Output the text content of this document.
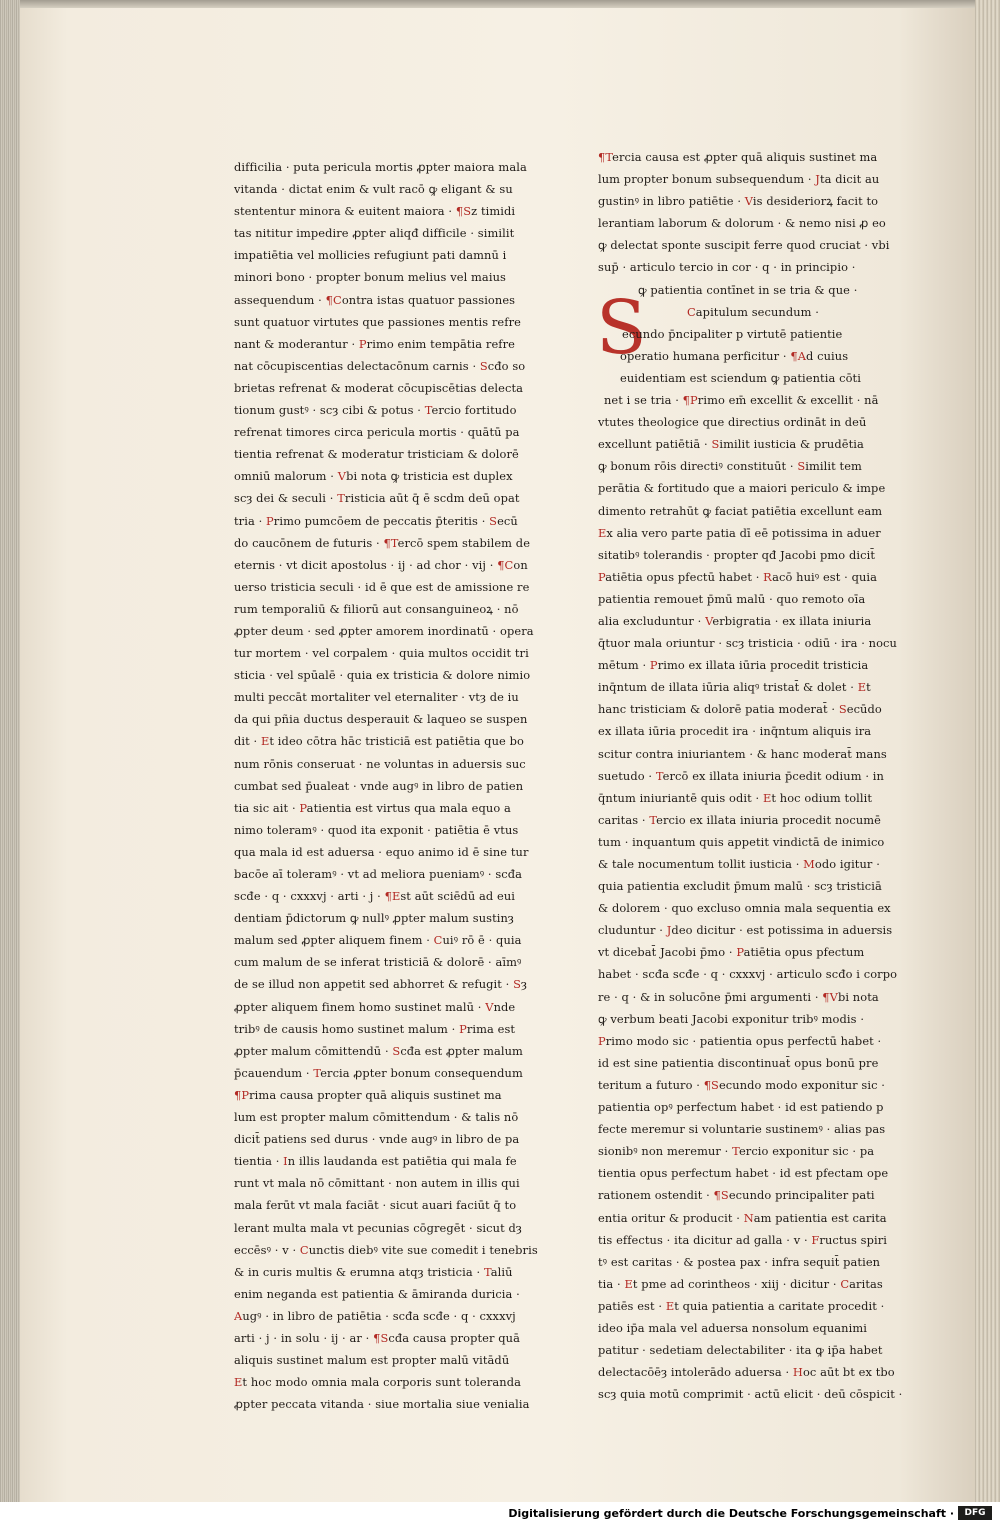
difficilia · puta pericula mortis ꝓpter maiora mala

vitanda · dictat enim & vult racō ꝙ eligant & su

stententur minora & euitent maiora · ¶Sz timidi

tas nititur impedire ꝓpter aliqđ difficile · similit

impatiētia vel mollicies refugiunt pati damnū i

minori bono · propter bonum melius vel maius

assequendum · ¶Contra istas quatuor passiones

sunt quatuor virtutes que passiones mentis refre

nant & moderantur · Primo enim tempātia refre

nat cōcupiscentias delectacōnum carnis · Scđo so

brietas refrenat & moderat cōcupiscētias delecta

tionum gustꝰ · scȝ cibi & potus · Tercio fortitudo

refrenat timores circa pericula mortis · quātū pa

tientia refrenat & moderatur tristiciam & dolorē

omniū malorum · Vbi nota ꝙ tristicia est duplex

scȝ dei & seculi · Tristicia aūt q̄ ē scdm deū opat

tria · Primo pumcōem de peccatis p̄teritis · Secū

do caucōnem de futuris · ¶Tercō spem stabilem de

eternis · vt dicit apostolus · ij · ad chor · vij · ¶Con

uerso tristicia seculi · id ē que est de amissione re

rum temporaliū & filiorū aut consanguineoꝝ · nō

ꝓpter deum · sed ꝓpter amorem inordinatū · opera

tur mortem · vel corpalem · quia multos occidit tri

sticia · vel spūalē · quia ex tristicia & dolore nimio

multi peccāt mortaliter vel eternaliter · vtȝ de iu

da qui pñia ductus desperauit & laqueo se suspen

dit · Et ideo cōtra hāc tristiciā est patiētia que bo

num rōnis conseruat · ne voluntas in aduersis suc

cumbat sed p̄ualeat · vnde augꝰ in libro de patien

tia sic ait · Patientia est virtus qua mala equo a

nimo toleramꝰ · quod ita exponit · patiētia ē vtus

qua mala id est aduersa · equo animo id ē sine tur

bacōe aī toleramꝰ · vt ad meliora pueniamꝰ · scđa

scđe · q · cxxxvj · arti · j · ¶Est aūt sciēdū ad eui

dentiam p̄dictorum ꝙ nullꝰ ꝓpter malum sustinȝ

malum sed ꝓpter aliquem finem · Cuiꝰ rō ē · quia

cum malum de se inferat tristiciā & dolorē · aīmꝰ

de se illud non appetit sed abhorret & refugit · Sȝ

ꝓpter aliquem finem homo sustinet malū · Vnde

tribꝰ de causis homo sustinet malum · Prima est

ꝓpter malum cōmittendū · Scđa est ꝓpter malum

p̄cauendum · Tercia ꝓpter bonum consequendum

¶Prima causa propter quā aliquis sustinet ma

lum est propter malum cōmittendum · & talis nō

dicit̄ patiens sed durus · vnde augꝰ in libro de pa

tientia · In illis laudanda est patiētia qui mala fe

runt vt mala nō cōmittant · non autem in illis qui

mala ferūt vt mala faciāt · sicut auari faciūt q̄ to

lerant multa mala vt pecunias cōgregēt · sicut dȝ

eccēsꝰ · v · Cunctis diebꝰ vite sue comedit i tenebris

& in curis multis & erumna atqȝ tristicia · Taliū

enim neganda est patientia & āmiranda duricia ·

Augꝰ · in libro de patiētia · scđa scđe · q · cxxxvj

arti · j · in solu · ij · ar · ¶Scđa causa propter quā

aliquis sustinet malum est propter malū vitādū

Et hoc modo omnia mala corporis sunt toleranda

ꝓpter peccata vitanda · siue mortalia siue venialia

S

¶Tercia causa est ꝓpter quā aliquis sustinet ma

lum propter bonum subsequendum · Jta dicit au

gustinꝰ in libro patiētie · Vis desideriorꝝ facit to

lerantiam laborum & dolorum · & nemo nisi ꝓ eo

ꝙ delectat sponte suscipit ferre quod cruciat · vbi

sup̄ · articulo tercio in cor · q · in principio ·

ꝙ patientia contīnet in se tria & que ·

Capitulum secundum ·

ecundo p̄ncipaliter p virtutē patientie

operatio humana perficitur · ¶Ad cuius

euidentiam est sciendum ꝙ patientia cōti

net i se tria · ¶Primo em̄ excellit & excellit · nā

vtutes theologice que directius ordināt in deū

excellunt patiētiā · Similit iusticia & prudētia

ꝙ bonum rōis directiꝰ constituūt · Similit tem

perātia & fortitudo que a maiori periculo & impe

dimento retrahūt ꝙ faciat patiētia excellunt eam

Ex alia vero parte patia dī eē potissima in aduer

sitatibꝰ tolerandis · propter qđ Jacobi pmo dicit̄

Patiētia opus pfectū habet · Racō huiꝰ est · quia

patientia remouet p̄mū malū · quo remoto oīa

alia excluduntur · Verbigratia · ex illata iniuria

q̄tuor mala oriuntur · scȝ tristicia · odiū · ira · nocu

mētum · Primo ex illata iūria procedit tristicia

inq̄ntum de illata iūria aliqꝰ tristat̄ & dolet · Et

hanc tristiciam & dolorē patia moderat̄ · Secūdo

ex illata iūria procedit ira · inq̄ntum aliquis ira

scitur contra iniuriantem · & hanc moderat̄ mans

suetudo · Tercō ex illata iniuria p̄cedit odium · in

q̄ntum iniuriantē quis odit · Et hoc odium tollit

caritas · Tercio ex illata iniuria procedit nocumē

tum · inquantum quis appetit vindictā de inimico

& tale nocumentum tollit iusticia · Modo igitur ·

quia patientia excludit p̄mum malū · scȝ tristiciā

& dolorem · quo excluso omnia mala sequentia ex

cluduntur · Jdeo dicitur · est potissima in aduersis

vt dicebat̄ Jacobi p̄mo · Patiētia opus pfectum

habet · scđa scđe · q · cxxxvj · articulo scđo i corpo

re · q · & in solucōne p̄mi argumenti · ¶Vbi nota

ꝙ verbum beati Jacobi exponitur tribꝰ modis ·

Primo modo sic · patientia opus perfectū habet ·

id est sine patientia discontinuat̄ opus bonū pre

teritum a futuro · ¶Secundo modo exponitur sic ·

patientia opꝰ perfectum habet · id est patiendo p

fecte meremur si voluntarie sustinemꝰ · alias pas

sionibꝰ non meremur · Tercio exponitur sic · pa

tientia opus perfectum habet · id est pfectam ope

rationem ostendit · ¶Secundo principaliter pati

entia oritur & producit · Nam patientia est carita

tis effectus · ita dicitur ad galla · v · Fructus spiri

tꝰ est caritas · & postea pax · infra sequit̄ patien

tia · Et pme ad corintheos · xiij · dicitur · Caritas

patiēs est · Et quia patientia a caritate procedit ·

ideo ip̄a mala vel aduersa nonsolum equanimi

patitur · sedetiam delectabiliter · ita ꝙ ip̄a habet

delectacōēȝ intolerādo aduersa · Hoc aūt bt ex tbo

scȝ quia motū comprimit · actū elicit · deū cōspicit ·

Digitalisierung gefördert durch die Deutsche Forschungsgemeinschaft ·	DFG
